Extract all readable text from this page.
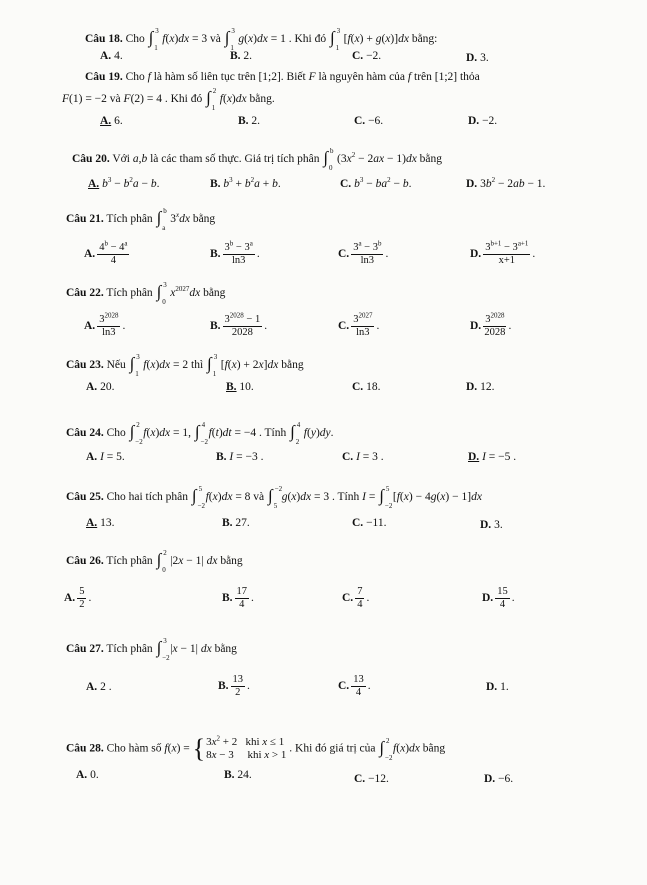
Câu 18. Cho ∫ 3
1
f(x)dx = 3 và ∫ 3
1
g(x)dx = 1 . Khi đó ∫ 3
1
[f(x) + g(x)]dx bằng:
A. 4.	B. 2.	C. −2.	D. 3.
Câu 19. Cho f là hàm số liên tục trên [1;2]. Biết F là nguyên hàm của f trên [1;2] thỏa
F(1) = −2 và F(2) = 4 . Khi đó ∫ 2
1
f(x)dx bằng.
A. 6.	B. 2.	C. −6.	D. −2.
Câu 20. Với a,b là các tham số thực. Giá trị tích phân ∫ b
0
$(3x^2 - 2ax - 1)dx$ bằng
A. $b^3 - b^2a - b$.	B. $b^3 + b^2a + b$.	C. $b^3 - ba^2 - b$.	D. $3b^2 - 2ab - 1$.
Câu 21. Tích phân ∫ b
a
3$^x$dx bằng
A. $\frac{4^b - 4^a}{4}$	B. $\frac{3^b - 3^a}{\ln 3}$ .	C. $\frac{3^a - 3^b}{\ln 3}$ .	D. $\frac{3^{b+1} - 3^{a+1}}{x+1}$ .
Câu 22. Tích phân ∫ 3
0
$x^{2027}dx$ bằng
A. $\frac{3^{2028}}{\ln 3}$ .	B. $\frac{3^{2028} - 1}{2028}$ .	C. $\frac{3^{2027}}{\ln 3}$ .	D. $\frac{3^{2028}}{2028}$ .
Câu 23. Nếu ∫ 3
1
f(x)dx = 2 thì ∫ 3
1
[f(x) + 2x]dx bằng
A. 20.	B. 10.	C. 18.	D. 12.
Câu 24. Cho ∫ 2
−2
f(x)dx = 1, ∫ 4
−2
f(t)dt = −4 . Tính ∫ 4
2
f(y)dy.
A. I = 5.	B. I = −3 .	C. I = 3 .	D. I = −5 .
Câu 25. Cho hai tích phân ∫ 5
−2
f(x)dx = 8 và ∫ −2
5
g(x)dx = 3 . Tính I = ∫ 5
−2
[f(x) − 4g(x) − 1]dx
A. 13.	B. 27.	C. −11.	D. 3.
Câu 26. Tích phân ∫ 2
0
|2x − 1| dx bằng
A. $\frac{5}{2}$ .	B. $\frac{17}{4}$ .	C. $\frac{7}{4}$ .	D. $\frac{15}{4}$ .
Câu 27. Tích phân ∫ 3
−2
|x − 1| dx bằng
A. 2 .	B. $\frac{13}{2}$ .	C. $\frac{13}{4}$ .	D. 1.
Câu 28. Cho hàm số $f(x) = \{3x^2 + 2$   khi x ≤ 1
8x − 3     khi x > 1 . Khi đó giá trị của ∫ 2
−2
f(x)dx bằng
A. 0.	B. 24.	C. −12.	D. −6.
